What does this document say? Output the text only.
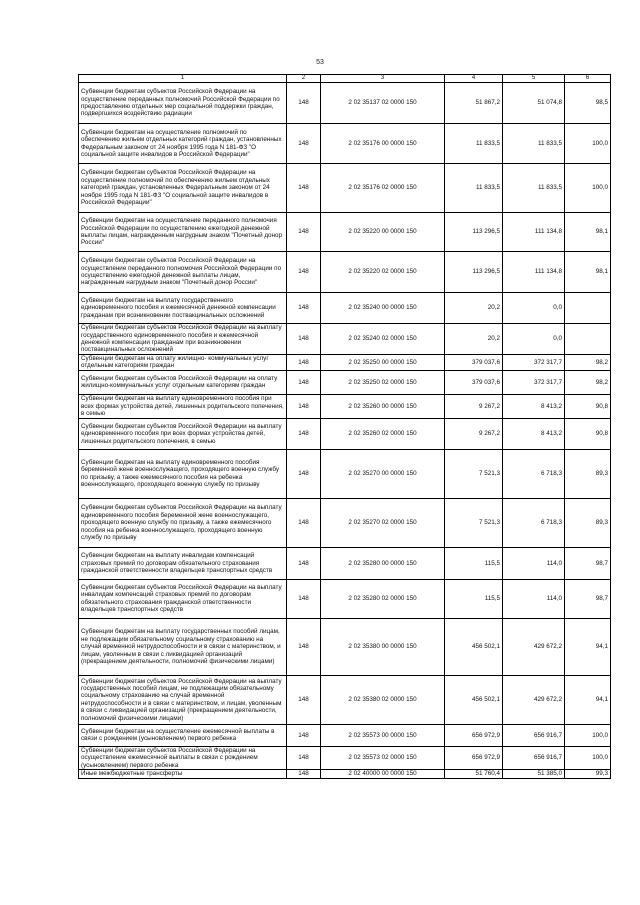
53
1	2	3	4	5	6
Субвенции бюджетам субъектов Российской Федерации на осуществление переданных полномочий Российской Федерации по предоставлению отдельных мер социальной поддержки граждан, подвергшихся воздействию радиации	148	2 02 35137 02 0000 150	51 867,2	51 074,8	98,5
Субвенции бюджетам на осуществление полномочий по обеспечению жильем отдельных категорий граждан, установленных Федеральным законом от 24 ноября 1995 года N 181-ФЗ "О социальной защите инвалидов в Российской Федерации"	148	2 02 35176 00 0000 150	11 833,5	11 833,5	100,0
Субвенции бюджетам субъектов Российской Федерации на осуществление полномочий по обеспечению жильем отдельных категорий граждан, установленных Федеральным законом от 24 ноября 1995 года N 181-ФЗ "О социальной защите инвалидов в Российской Федерации"	148	2 02 35176 02 0000 150	11 833,5	11 833,5	100,0
Субвенции бюджетам на осуществление переданного полномочия Российской Федерации по осуществлению ежегодной денежной выплаты лицам, награжденным нагрудным знаком "Почетный донор России"	148	2 02 35220 00 0000 150	113 296,5	111 134,8	98,1
Субвенции бюджетам субъектов Российской Федерации на осуществление переданного полномочия Российской Федерации по осуществлению ежегодной денежной выплаты лицам, награжденным нагрудным знаком "Почетный донор России"	148	2 02 35220 02 0000 150	113 296,5	111 134,8	98,1
Субвенции бюджетам на выплату государственного единовременного пособия и ежемесячной денежной компенсации гражданам при возникновении поствакцинальных осложнений	148	2 02 35240 00 0000 150	20,2	0,0	
Субвенции бюджетам субъектов Российской Федерации на выплату государственного единовременного пособия и ежемесячной денежной компенсации гражданам при возникновении поствакцинальных осложнений	148	2 02 35240 02 0000 150	20,2	0,0	
Субвенции бюджетам на оплату жилищно- коммунальных услуг отдельным категориям граждан	148	2 02 35250 00 0000 150	379 037,6	372 317,7	98,2
Субвенции бюджетам субъектов Российской Федерации на оплату жилищно-коммунальных услуг отдельным категориям граждан	148	2 02 35250 02 0000 150	379 037,6	372 317,7	98,2
Субвенции бюджетам на выплату единовременного пособия при всех формах устройства детей, лишенных родительского попечения, в семью	148	2 02 35260 00 0000 150	9 267,2	8 413,2	90,8
Субвенции бюджетам субъектов Российской Федерации на выплату единовременного пособия при всех формах устройства детей, лишенных родительского попечения, в семью	148	2 02 35260 02 0000 150	9 267,2	8 413,2	90,8
Субвенции бюджетам на выплату единовременного пособия беременной жене военнослужащего, проходящего военную службу по призыву, а также ежемесячного пособия на ребенка военнослужащего, проходящего военную службу по призыву	148	2 02 35270 00 0000 150	7 521,3	6 718,3	89,3
Субвенции бюджетам субъектов Российской Федерации на выплату единовременного пособия беременной жене военнослужащего, проходящего военную службу по призыву, а также ежемесячного пособия на ребенка военнослужащего, проходящего военную службу по призыву	148	2 02 35270 02 0000 150	7 521,3	6 718,3	89,3
Субвенции бюджетам на выплату инвалидам компенсаций страховых премий по договорам обязательного страхования гражданской ответственности владельцев транспортных средств	148	2 02 35280 00 0000 150	115,5	114,0	98,7
Субвенции бюджетам субъектов Российской Федерации на выплату инвалидам компенсаций страховых премий по договорам обязательного страхования гражданской ответственности владельцев транспортных средств	148	2 02 35280 02 0000 150	115,5	114,0	98,7
Субвенции бюджетам на выплату государственных пособий лицам, не подлежащим обязательному социальному страхованию на случай временной нетрудоспособности и в связи с материнством, и лицам, уволенным в связи с ликвидацией организаций (прекращением деятельности, полномочий физическими лицами)	148	2 02 35380 00 0000 150	456 502,1	429 672,2	94,1
Субвенции бюджетам субъектов Российской Федерации на выплату государственных пособий лицам, не подлежащим обязательному социальному страхованию на случай временной нетрудоспособности и в связи с материнством, и лицам, уволенным в связи с ликвидацией организаций (прекращением деятельности, полномочий физическими лицами)	148	2 02 35380 02 0000 150	456 502,1	429 672,2	94,1
Субвенции бюджетам на осуществление ежемесячной выплаты в связи с рождением (усыновлением) первого ребенка	148	2 02 35573 00 0000 150	656 972,9	656 916,7	100,0
Субвенции бюджетам субъектов Российской Федерации на осуществление ежемесячной выплаты в связи с рождением (усыновлением) первого ребенка	148	2 02 35573 02 0000 150	656 972,9	656 916,7	100,0
Иные межбюджетные трансферты	148	2 02 40000 00 0000 150	51 760,4	51 385,0	99,3
